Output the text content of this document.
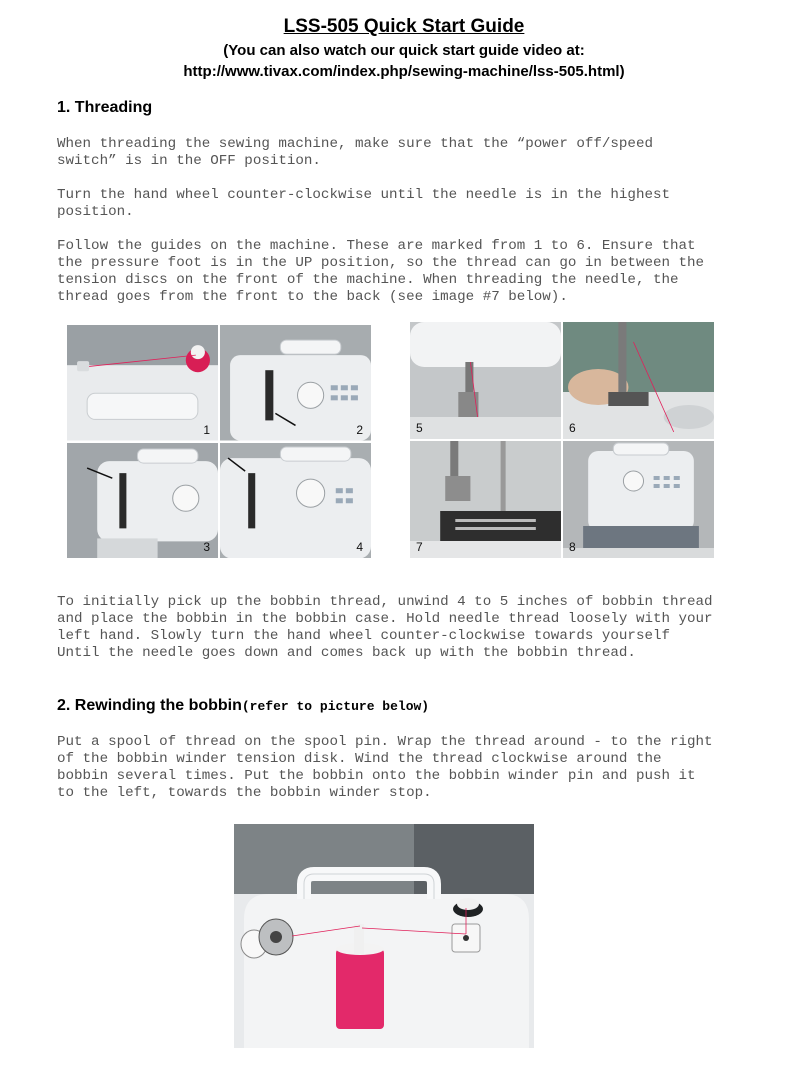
LSS-505 Quick Start Guide
(You can also watch our quick start guide video at:
http://www.tivax.com/index.php/sewing-machine/lss-505.html)
1. Threading

When threading the sewing machine, make sure that the “power off/speed
switch” is in the OFF position.

Turn the hand wheel counter-clockwise until the needle is in the highest
position.

Follow the guides on the machine. These are marked from 1 to 6. Ensure that
the pressure foot is in the UP position, so the thread can go in between the
tension discs on the front of the machine. When threading the needle, the
thread goes from the front to the back (see image #7 below).

1	2
3	4
5	6
7	8

To initially pick up the bobbin thread, unwind 4 to 5 inches of bobbin thread
and place the bobbin in the bobbin case. Hold needle thread loosely with your
left hand. Slowly turn the hand wheel counter-clockwise towards yourself
Until the needle goes down and comes back up with the bobbin thread.

2. Rewinding the bobbin(refer to picture below)

Put a spool of thread on the spool pin. Wrap the thread around - to the right
of the bobbin winder tension disk. Wind the thread clockwise around the
bobbin several times. Put the bobbin onto the bobbin winder pin and push it
to the left, towards the bobbin winder stop.
